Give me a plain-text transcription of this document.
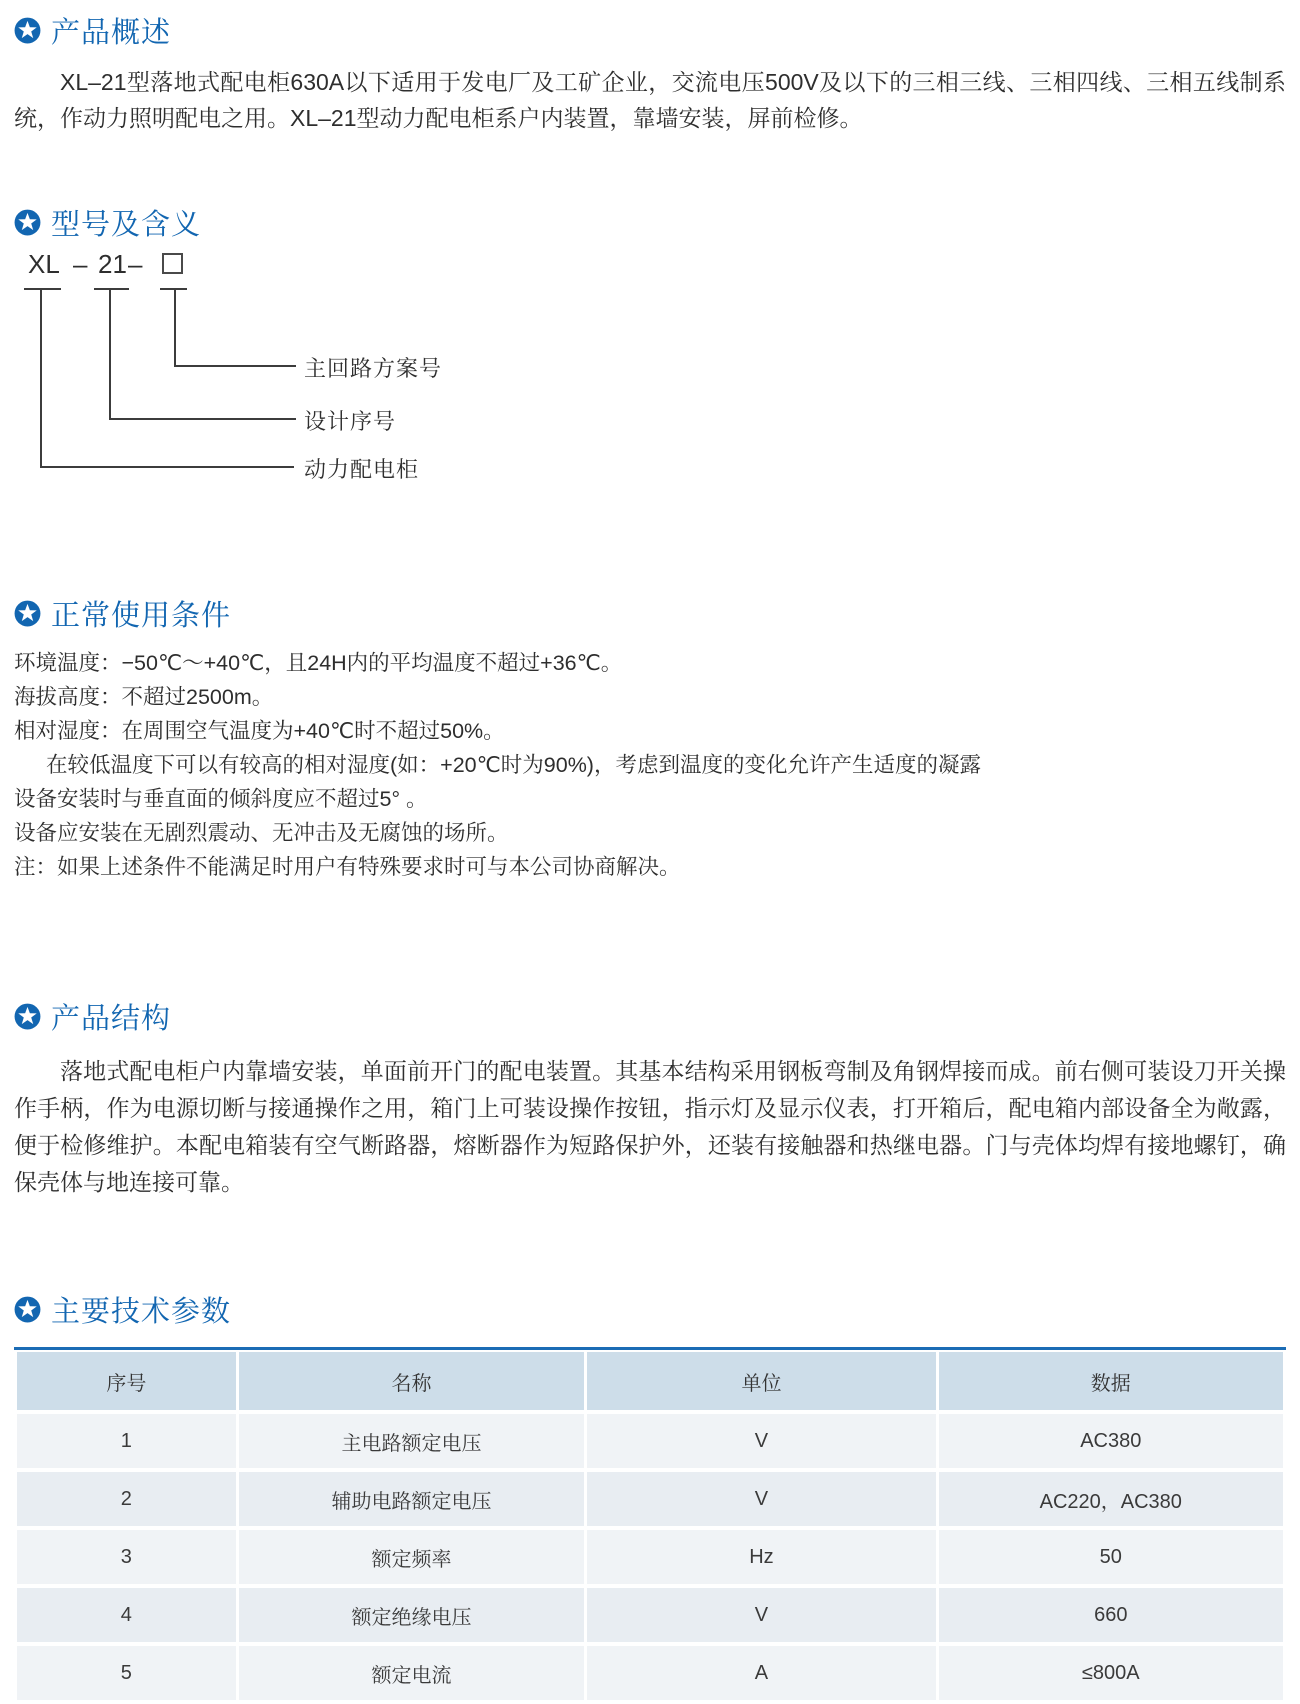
产品概述

XL–21型落地式配电柜630A以下适用于发电厂及工矿企业，交流电压500V及以下的三相三线、三相四线、三相五线制系统，作动力照明配电之用。XL–21型动力配电柜系户内装置，靠墙安装，屏前检修。

型号及含义
XL – 21 –
主回路方案号
设计序号
动力配电柜
正常使用条件
环境温度：−50℃～+40℃，且24H内的平均温度不超过+36℃。
海拔高度：不超过2500m。
相对湿度：在周围空气温度为+40℃时不超过50%。
在较低温度下可以有较高的相对湿度(如：+20℃时为90%)，考虑到温度的变化允许产生适度的凝露
设备安装时与垂直面的倾斜度应不超过5° 。
设备应安装在无剧烈震动、无冲击及无腐蚀的场所。
注：如果上述条件不能满足时用户有特殊要求时可与本公司协商解决。
产品结构

落地式配电柜户内靠墙安装，单面前开门的配电装置。其基本结构采用钢板弯制及角钢焊接而成。前右侧可装设刀开关操作手柄，作为电源切断与接通操作之用，箱门上可装设操作按钮，指示灯及显示仪表，打开箱后，配电箱内部设备全为敞露，便于检修维护。本配电箱装有空气断路器，熔断器作为短路保护外，还装有接触器和热继电器。门与壳体均焊有接地螺钉，确保壳体与地连接可靠。

主要技术参数
序号	名称	单位	数据
1	主电路额定电压	V	AC380
2	辅助电路额定电压	V	AC220，AC380
3	额定频率	Hz	50
4	额定绝缘电压	V	660
5	额定电流	A	≤800A
